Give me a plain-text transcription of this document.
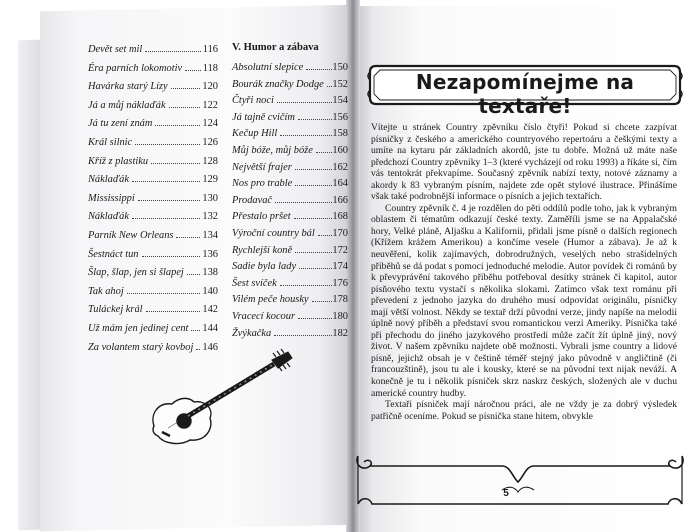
Devět set mil	116
Éra parních lokomotiv 118
Havárka starý Lízy	120
Já a můj náklaďák	122
Já tu zení znám	124
Král silnic	126
Kříž z plastiku	128
Náklaďák	129
Mississippi	130
Náklaďák	132
Parník New Orleans	134
Šestnáct tun	136
Šlap, šlap, jen si šlapej 138
Tak ahoj	140
Tuláckej král	142
Už mám jen jedinej cent 144
Za volantem starý kovboj 146
V. Humor a zábava
Absolutní slepice	150
Bourák značky Dodge 152
Čtyři noci	154
Já tajně cvičím	156
Kečup Hill	158
Můj bóže, můj bóže 160
Největší frajer	162
Nos pro trable	164
Prodavač	166
Přestalo pršet	168
Výroční country bál 170
Rychlejší koně	172
Sadie byla lady	174
Šest svíček	176
Vilém peče housky 178
Vracecí kocour	180
Žvýkačka	182
Nezapomínejme na textaře!

Vítejte u stránek Country zpěvníku číslo čtyři! Pokud si chcete zazpívat písničky z českého a amerického countryového repertoáru a češkými texty a umíte na kytaru pár základních akordů, jste tu dobře. Možná už máte naše předchozí Country zpěvníky 1–3 (které vycházejí od roku 1993) a říkáte si, čím vás tentokrát překvapíme. Současný zpěvník nabízí texty, notové záznamy a akordy k 83 vybraným písním, najdete zde opět stylové ilustrace. Přinášíme však také podrobnější informace o písních a jejich textařích.

Country zpěvník č. 4 je rozdělen do pěti oddílů podle toho, jak k vybraným oblastem či tématům odkazují české texty. Zaměříli jsme se na Appalačské hory, Velké pláně, Aljašku a Kalifornii, přidali jsme písně o dalších regionech (Křížem krážem Amerikou) a končíme vesele (Humor a zábava). Je až k neuvěření, kolik zajímavých, dobrodružných, veselých nebo strašidelných příběhů se dá podat s pomocí jednoduché melodie. Autor povídek či románů by k převyprávění takového příběhu potřeboval desítky stránek či kapitol, autor písňového textu vystačí s několika slokami. Zatímco však text románu při převedení z jednoho jazyka do druhého musí odpovídat originálu, písničky mají větší volnost. Někdy se textař drží původní verze, jindy napíše na melodii úplně nový příběh a představí svou romantickou verzi Ameriky. Písnička také při přechodu do jiného jazykového prostředí může začít žít úplně jiný, nový život. V našem zpěvníku najdete obě možnosti. Vybrali jsme country a lidové písně, jejichž obsah je v češtině téměř stejný jako původně v angličtině (či francouzštině), jsou tu ale i kousky, které se na původní text nijak neváží. A konečně je tu i několik písniček skrz naskrz českých, složených ale v duchu americké country hudby.

Textaři písniček mají náročnou práci, ale ne vždy je za dobrý výsledek patřičně oceníme. Pokud se písnička stane hitem, obvykle

5
